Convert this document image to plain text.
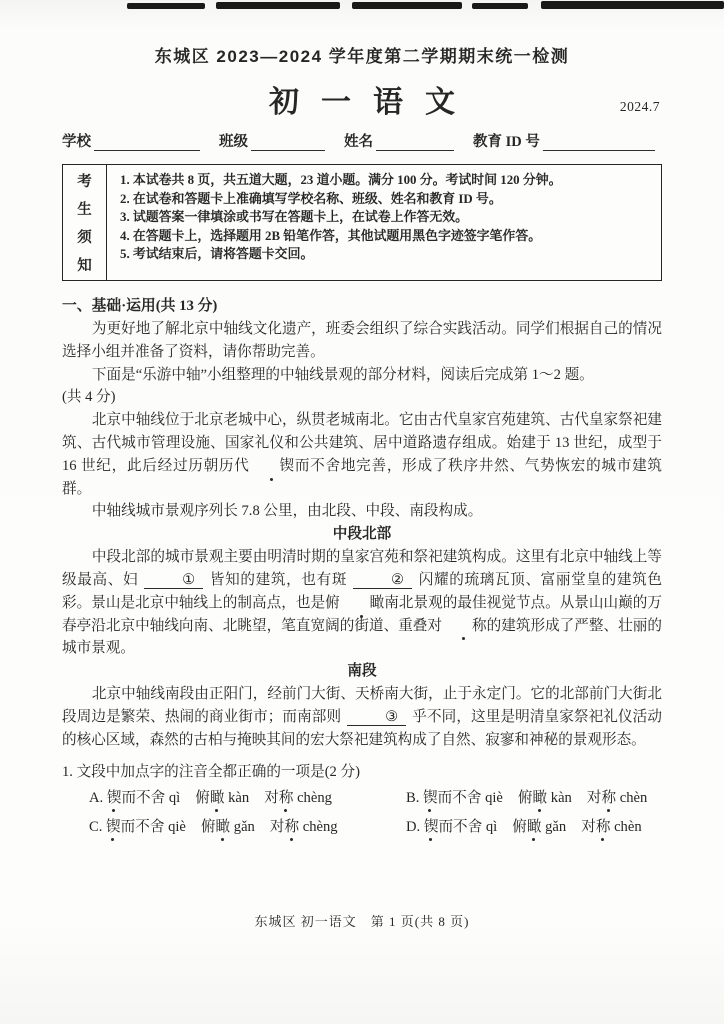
东城区 2023—2024 学年度第二学期期末统一检测
初一语文	2024.7
学校	班级	姓名	教育 ID 号
考
生
须
知
1. 本试卷共 8 页，共五道大题，23 道小题。满分 100 分。考试时间 120 分钟。
2. 在试卷和答题卡上准确填写学校名称、班级、姓名和教育 ID 号。
3. 试题答案一律填涂或书写在答题卡上，在试卷上作答无效。
4. 在答题卡上，选择题用 2B 铅笔作答，其他试题用黑色字迹签字笔作答。
5. 考试结束后，请将答题卡交回。
一、基础·运用(共 13 分)
为更好地了解北京中轴线文化遗产，班委会组织了综合实践活动。同学们根据自己的情况选择小组并准备了资料，请你帮助完善。
下面是“乐游中轴”小组整理的中轴线景观的部分材料，阅读后完成第 1～2 题。
(共 4 分)
北京中轴线位于北京老城中心，纵贯老城南北。它由古代皇家宫苑建筑、古代皇家祭祀建筑、古代城市管理设施、国家礼仪和公共建筑、居中道路遗存组成。始建于 13 世纪，成型于 16 世纪，此后经过历朝历代 锲而不舍地完善，形成了秩序井然、气势恢宏的城市建筑群。
中轴线城市景观序列长 7.8 公里，由北段、中段、南段构成。
中段北部
中段北部的城市景观主要由明清时期的皇家宫苑和祭祀建筑构成。这里有北京中轴线上等级最高、妇	① 皆知的建筑，也有斑	② 闪耀的琉璃瓦顶、富丽堂皇的建筑色彩。景山是北京中轴线上的制高点，也是俯 瞰南北景观的最佳视觉节点。从景山山巅的万春亭沿北京中轴线向南、北眺望，笔直宽阔的街道、重叠对 称的建筑形成了严整、壮丽的城市景观。
南段
北京中轴线南段由正阳门，经前门大街、天桥南大街，止于永定门。它的北部前门大街北段周边是繁荣、热闹的商业街市；而南部则	③ 乎不同，这里是明清皇家祭祀礼仪活动的核心区域，森然的古柏与掩映其间的宏大祭祀建筑构成了自然、寂寥和神秘的景观形态。
1. 文段中加点字的注音全都正确的一项是(2 分)
A. 锲而不舍 qì 俯瞰 kàn 对称 chèng	B. 锲而不舍 qiè 俯瞰 kàn 对称 chèn
C. 锲而不舍 qiè 俯瞰 gǎn 对称 chèng	D. 锲而不舍 qì 俯瞰 gǎn 对称 chèn
东城区 初一语文　第 1 页(共 8 页)
